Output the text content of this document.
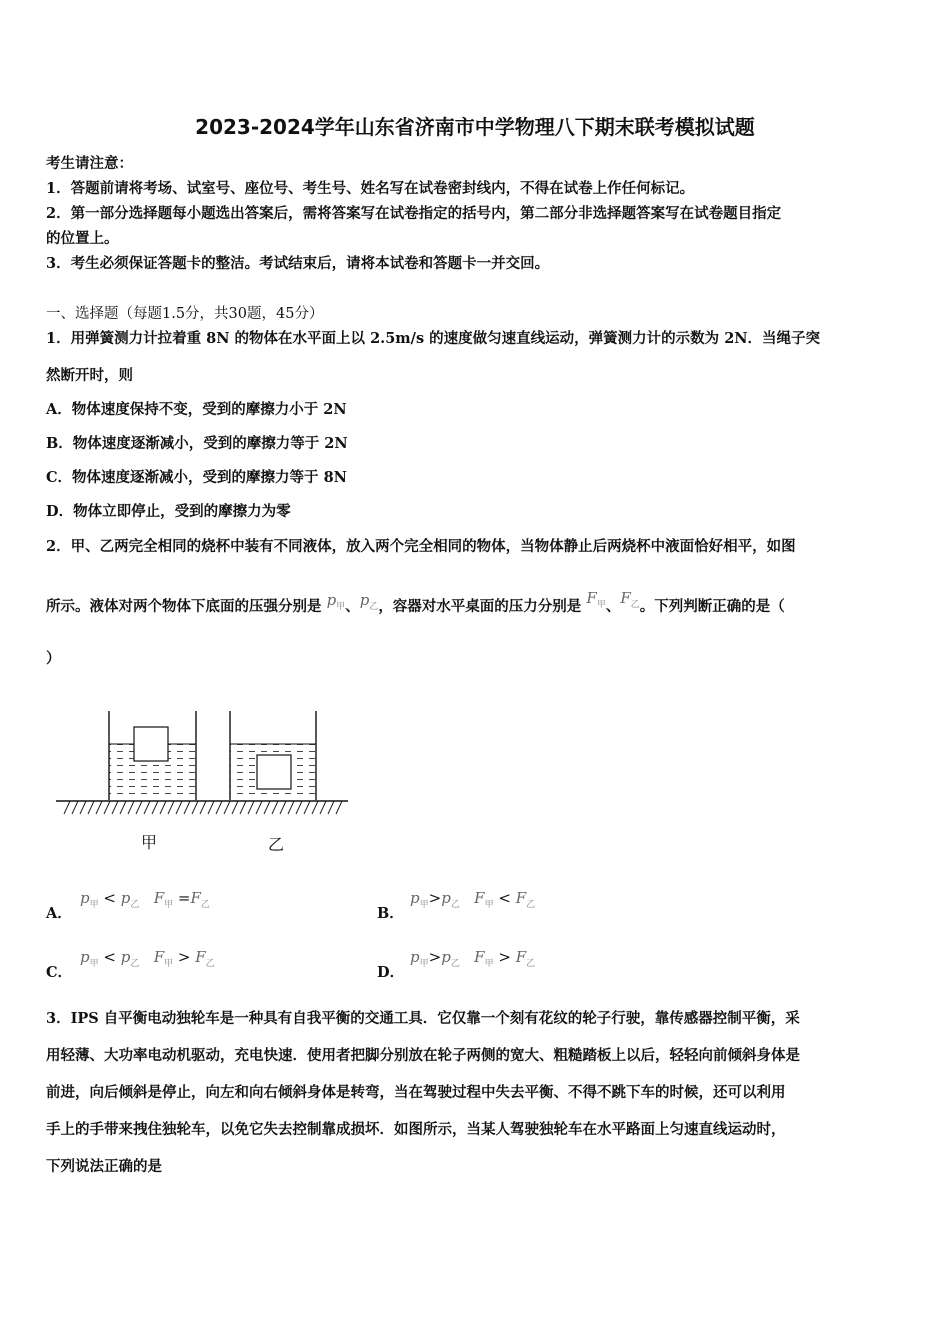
2023-2024学年山东省济南市中学物理八下期末联考模拟试题
考生请注意：
1．答题前请将考场、试室号、座位号、考生号、姓名写在试卷密封线内，不得在试卷上作任何标记。
2．第一部分选择题每小题选出答案后，需将答案写在试卷指定的括号内，第二部分非选择题答案写在试卷题目指定
的位置上。
3．考生必须保证答题卡的整洁。考试结束后，请将本试卷和答题卡一并交回。
一、选择题（每题1.5分，共30题，45分）
1．用弹簧测力计拉着重 8N 的物体在水平面上以 2.5m/s 的速度做匀速直线运动，弹簧测力计的示数为 2N．当绳子突
然断开时，则
A．物体速度保持不变，受到的摩擦力小于 2N
B．物体速度逐渐减小，受到的摩擦力等于 2N
C．物体速度逐渐减小，受到的摩擦力等于 8N
D．物体立即停止，受到的摩擦力为零
2．甲、乙两完全相同的烧杯中装有不同液体，放入两个完全相同的物体，当物体静止后两烧杯中液面恰好相平，如图
所示。液体对两个物体下底面的压强分别是 $p_甲$、$p_乙$，容器对水平桌面的压力分别是 $F_甲$、$F_乙$。下列判断正确的是（
）
甲	乙
A．
$p_甲 < p_乙$ $F_甲 =F_乙$	B．
$p_甲>p_乙$ $F_甲 < F_乙$
C．
$p_甲 < p_乙$ $F_甲 > F_乙$	D．
$p_甲>p_乙$ $F_甲 > F_乙$
3．IPS 自平衡电动独轮车是一种具有自我平衡的交通工具．它仅靠一个刻有花纹的轮子行驶，靠传感器控制平衡，采
用轻薄、大功率电动机驱动，充电快速．使用者把脚分别放在轮子两侧的宽大、粗糙踏板上以后，轻轻向前倾斜身体是
前进，向后倾斜是停止，向左和向右倾斜身体是转弯，当在驾驶过程中失去平衡、不得不跳下车的时候，还可以利用
手上的手带来拽住独轮车，以免它失去控制靠成损坏．如图所示，当某人驾驶独轮车在水平路面上匀速直线运动时，
下列说法正确的是
